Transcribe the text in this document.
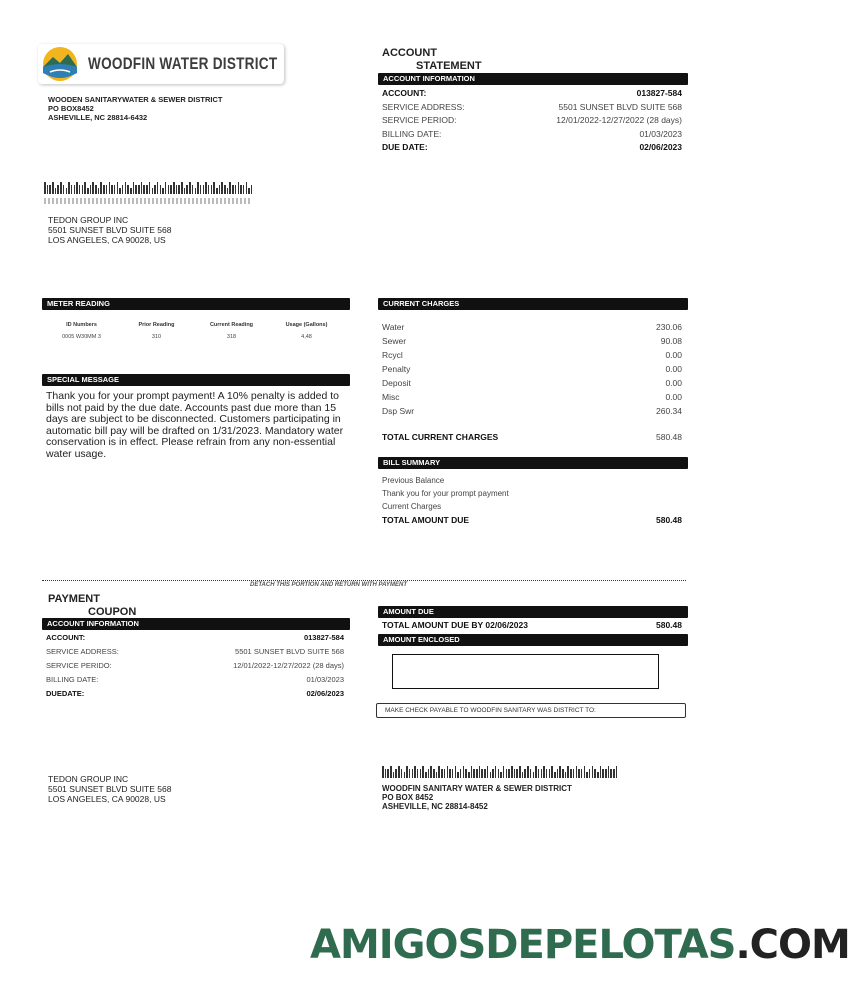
WOODFIN WATER DISTRICT
WOODEN SANITARYWATER & SEWER DISTRICT
PO BOX8452
ASHEVILLE, NC 28814-6432
ACCOUNT
STATEMENT
ACCOUNT INFORMATION
ACCOUNT:	013827-584
SERVICE ADDRESS:	5501 SUNSET BLVD SUITE 568
SERVICE PERIOD:	12/01/2022-12/27/2022 (28 days)
BILLING DATE:	01/03/2023
DUE DATE:	02/06/2023
TEDON GROUP INC
5501 SUNSET BLVD SUITE 568
LOS ANGELES, CA 90028, US
METER READING
ID Numbers	Prior Reading	Current Reading	Usage (Gallons)
0005 W30MM 3	310	318	4,48
SPECIAL MESSAGE
Thank you for your prompt payment! A 10% penalty is added to bills not paid by the due date. Accounts past due more than 15 days are subject to be disconnected. Customers participating in automatic bill pay will be drafted on 1/31/2023. Mandatory water conservation is in effect. Please refrain from any non-essential water usage.
CURRENT CHARGES
Water	230.06
Sewer	90.08
Rcycl	0.00
Penalty	0.00
Deposit	0.00
Misc	0.00
Dsp Swr	260.34
TOTAL CURRENT CHARGES	580.48
BILL SUMMARY
Previous Balance
Thank you for your prompt payment
Current Charges
TOTAL AMOUNT DUE	580.48
DETACH THIS PORTION AND RETURN WITH PAYMENT
PAYMENT
COUPON
ACCOUNT INFORMATION
ACCOUNT:	013827-584
SERVICE ADDRESS:	5501 SUNSET BLVD SUITE 568
SERVICE PERIDO:	12/01/2022-12/27/2022 (28 days)
BILLING DATE:	01/03/2023
DUEDATE:	02/06/2023
AMOUNT DUE
TOTAL AMOUNT DUE BY 02/06/2023	580.48
AMOUNT ENCLOSED
MAKE CHECK PAYABLE TO WOODFIN SANITARY WAS DISTRICT TO:
TEDON GROUP INC
5501 SUNSET BLVD SUITE 568
LOS ANGELES, CA 90028, US
WOODFIN SANITARY WATER & SEWER DISTRICT
PO BOX 8452
ASHEVILLE, NC 28814-8452
AMIGOSDEPELOTAS.COM
